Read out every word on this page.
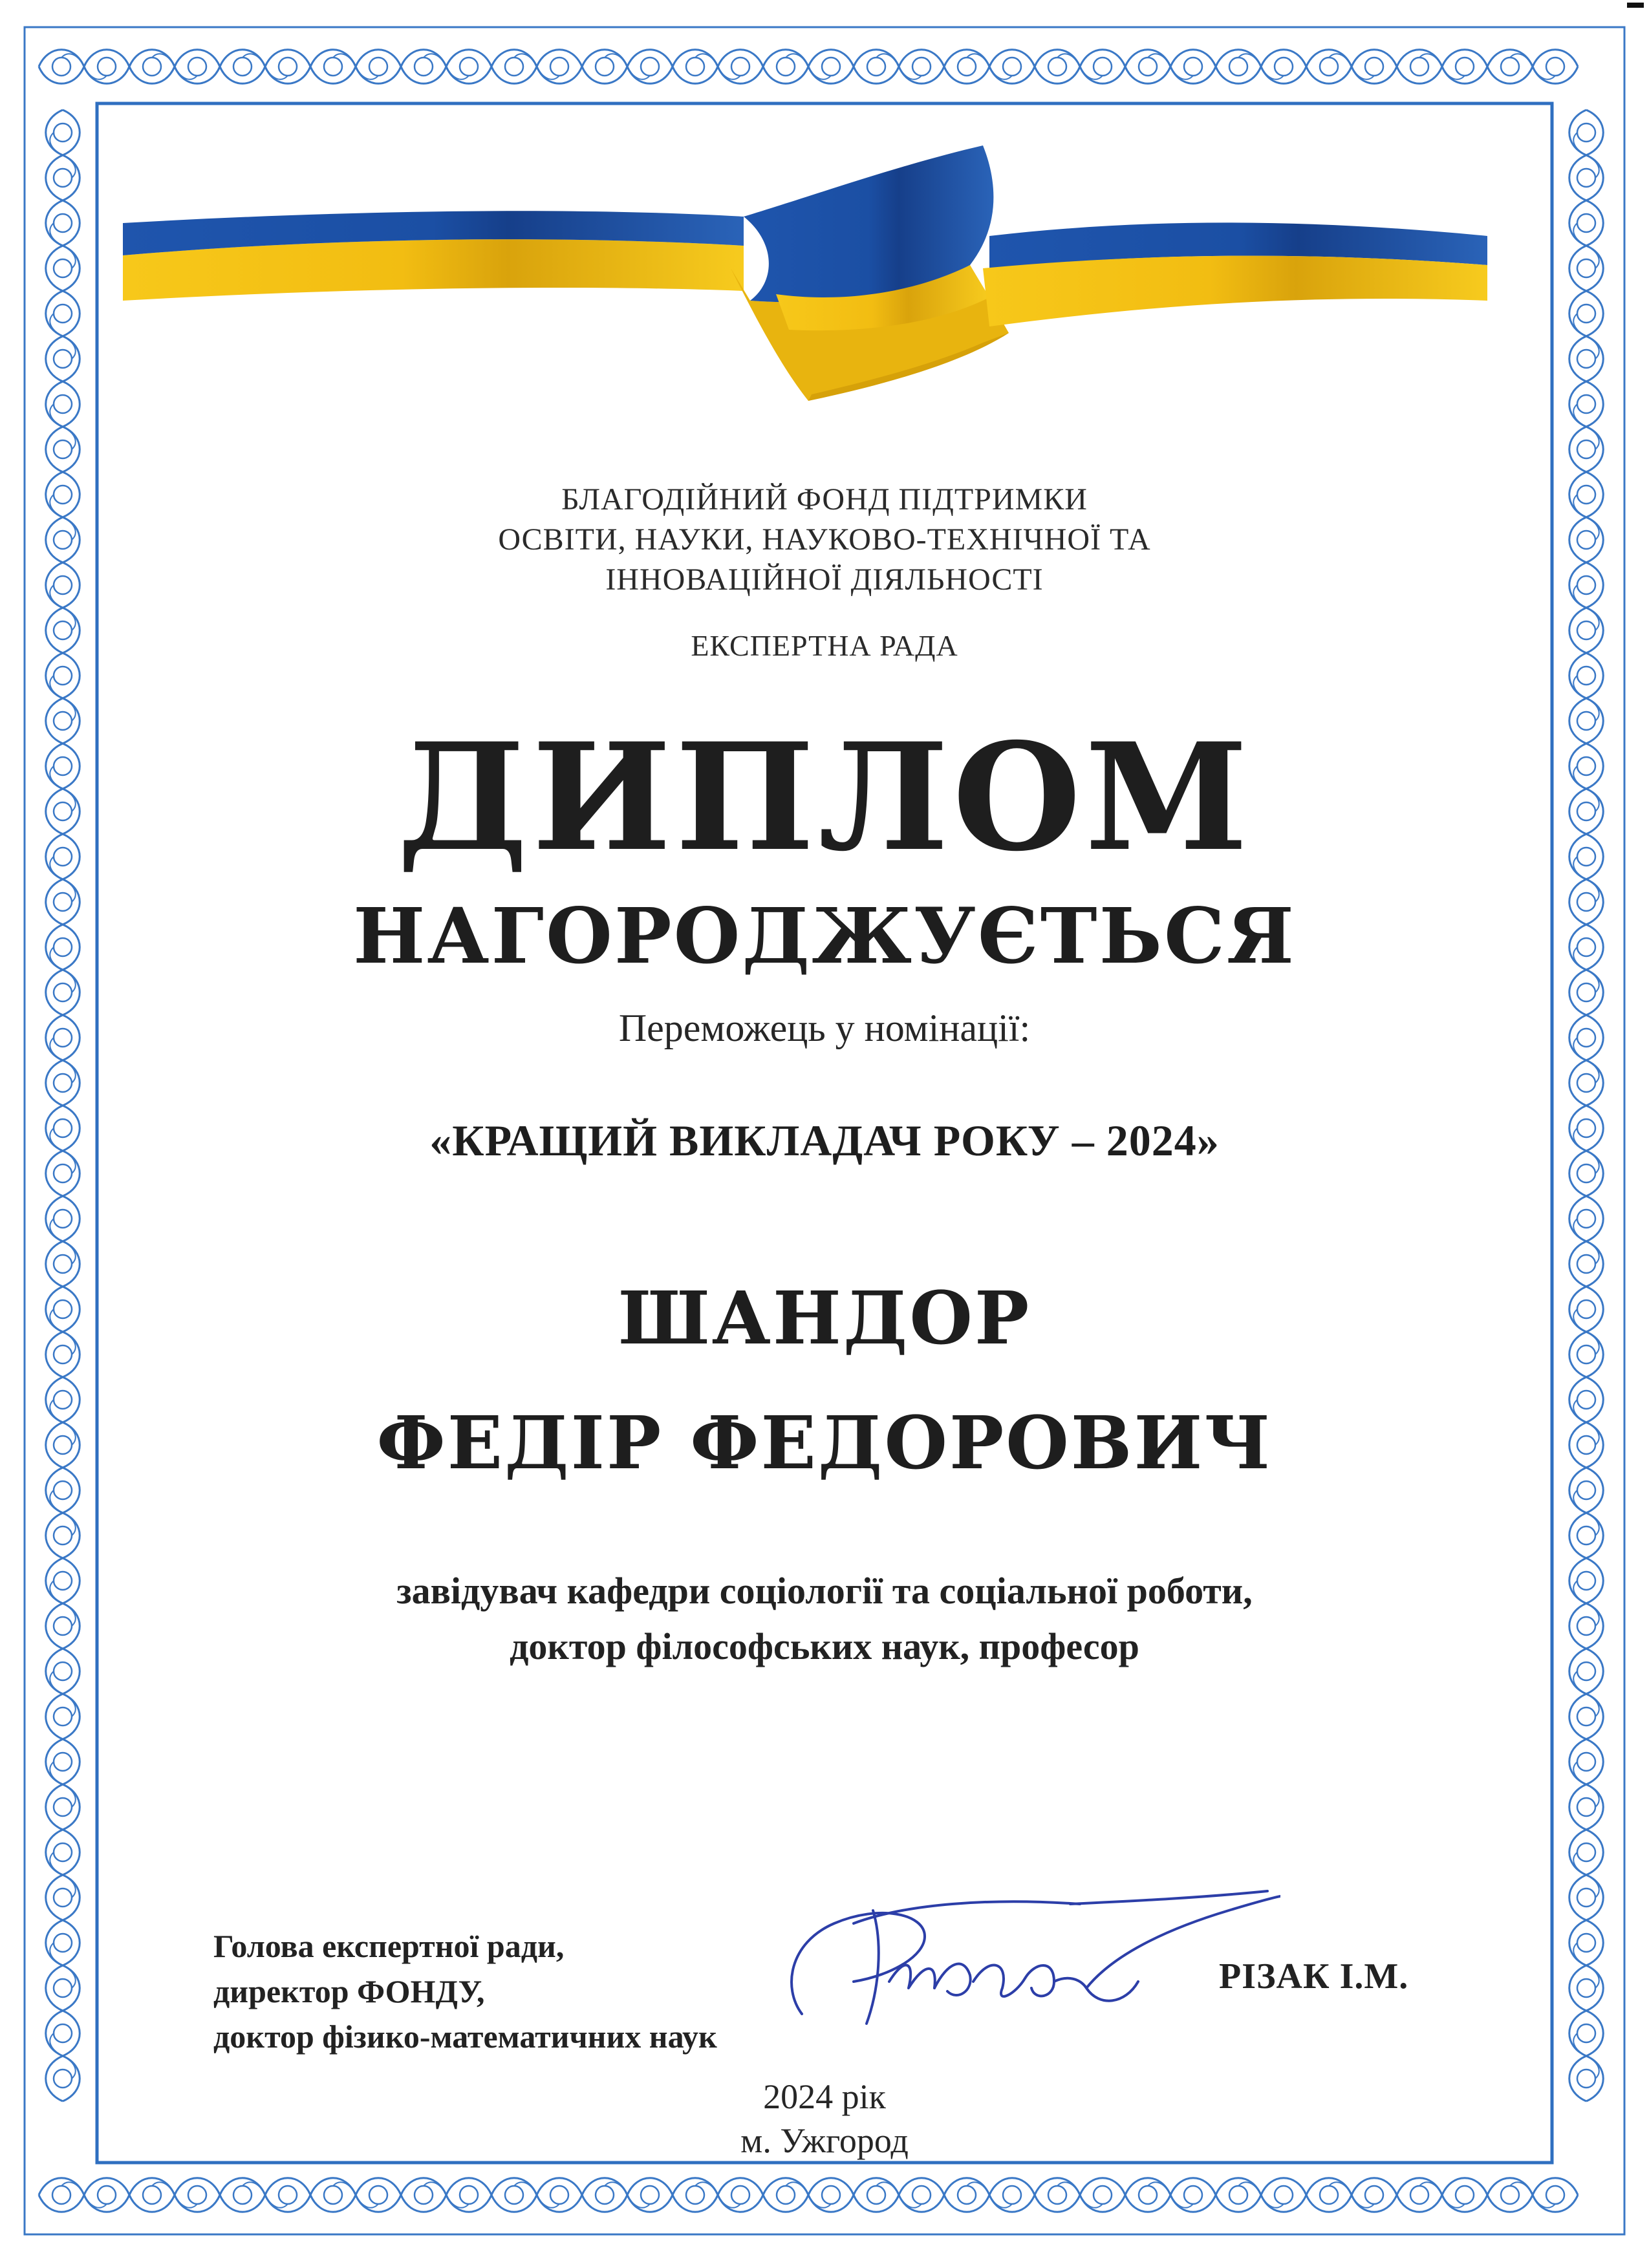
БЛАГОДІЙНИЙ ФОНД ПІДТРИМКИ
ОСВІТИ, НАУКИ, НАУКОВО-ТЕХНІЧНОЇ ТА
ІННОВАЦІЙНОЇ ДІЯЛЬНОСТІ
ЕКСПЕРТНА РАДА
ДИПЛОМ
НАГОРОДЖУЄТЬСЯ
Переможець у номінації:
«КРАЩИЙ ВИКЛАДАЧ РОКУ – 2024»
ШАНДОР
ФЕДІР ФЕДОРОВИЧ
завідувач кафедри соціології та соціальної роботи,
доктор філософських наук, професор
Голова експертної ради,
директор ФОНДУ,
доктор фізико-математичних наук
РІЗАК І.М.
2024 рік
м. Ужгород
